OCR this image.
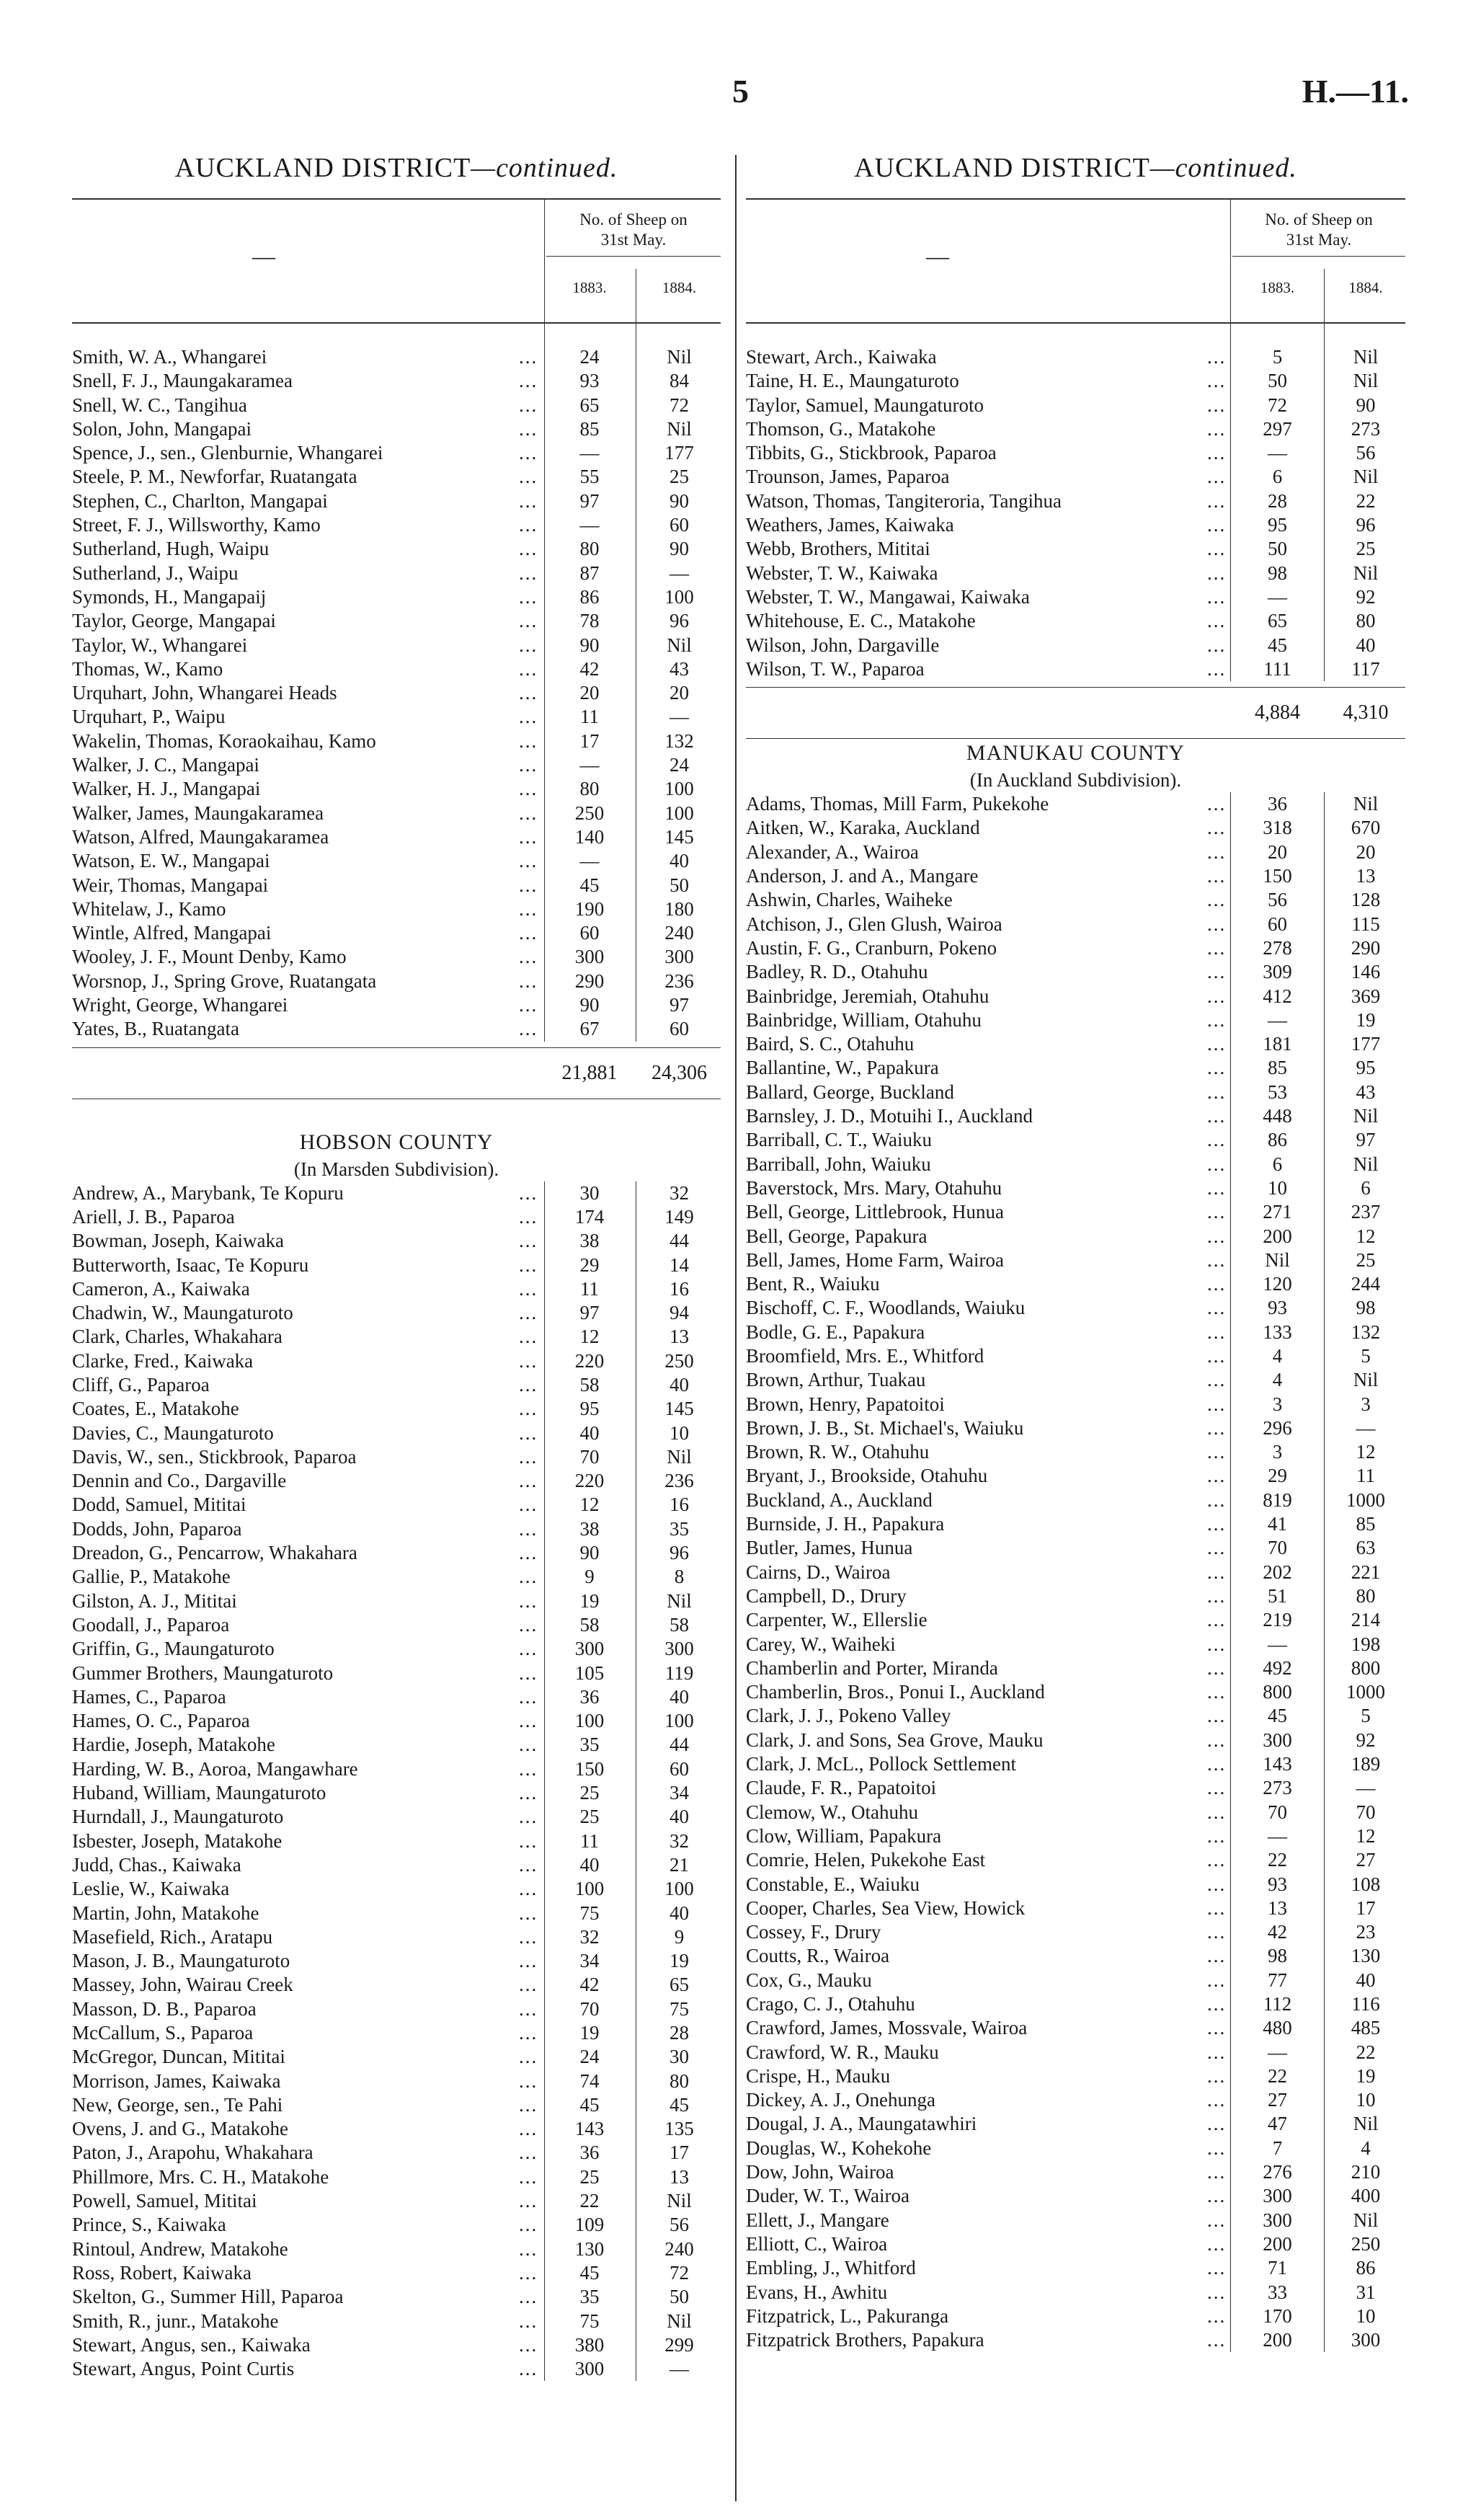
5	H.—11.
AUCKLAND DISTRICT—continued.
—
No. of Sheep on
31st May.
1883.	1884.
Smith, W. A., Whangarei	...	24	Nil
Snell, F. J., Maungakaramea	...	93	84
Snell, W. C., Tangihua	...	65	72
Solon, John, Mangapai	...	85	Nil
Spence, J., sen., Glenburnie, Whangarei	...	—	177
Steele, P. M., Newforfar, Ruatangata	...	55	25
Stephen, C., Charlton, Mangapai	...	97	90
Street, F. J., Willsworthy, Kamo	...	—	60
Sutherland, Hugh, Waipu	...	80	90
Sutherland, J., Waipu	...	87	—
Symonds, H., Mangapaij	...	86	100
Taylor, George, Mangapai	...	78	96
Taylor, W., Whangarei	...	90	Nil
Thomas, W., Kamo	...	42	43
Urquhart, John, Whangarei Heads	...	20	20
Urquhart, P., Waipu	...	11	—
Wakelin, Thomas, Koraokaihau, Kamo	...	17	132
Walker, J. C., Mangapai	...	—	24
Walker, H. J., Mangapai	...	80	100
Walker, James, Maungakaramea	...	250	100
Watson, Alfred, Maungakaramea	...	140	145
Watson, E. W., Mangapai	...	—	40
Weir, Thomas, Mangapai	...	45	50
Whitelaw, J., Kamo	...	190	180
Wintle, Alfred, Mangapai	...	60	240
Wooley, J. F., Mount Denby, Kamo	...	300	300
Worsnop, J., Spring Grove, Ruatangata	...	290	236
Wright, George, Whangarei	...	90	97
Yates, B., Ruatangata	...	67	60
21,881	24,306
HOBSON COUNTY
(In Marsden Subdivision).
Andrew, A., Marybank, Te Kopuru	...	30	32
Ariell, J. B., Paparoa	...	174	149
Bowman, Joseph, Kaiwaka	...	38	44
Butterworth, Isaac, Te Kopuru	...	29	14
Cameron, A., Kaiwaka	...	11	16
Chadwin, W., Maungaturoto	...	97	94
Clark, Charles, Whakahara	...	12	13
Clarke, Fred., Kaiwaka	...	220	250
Cliff, G., Paparoa	...	58	40
Coates, E., Matakohe	...	95	145
Davies, C., Maungaturoto	...	40	10
Davis, W., sen., Stickbrook, Paparoa	...	70	Nil
Dennin and Co., Dargaville	...	220	236
Dodd, Samuel, Mititai	...	12	16
Dodds, John, Paparoa	...	38	35
Dreadon, G., Pencarrow, Whakahara	...	90	96
Gallie, P., Matakohe	...	9	8
Gilston, A. J., Mititai	...	19	Nil
Goodall, J., Paparoa	...	58	58
Griffin, G., Maungaturoto	...	300	300
Gummer Brothers, Maungaturoto	...	105	119
Hames, C., Paparoa	...	36	40
Hames, O. C., Paparoa	...	100	100
Hardie, Joseph, Matakohe	...	35	44
Harding, W. B., Aoroa, Mangawhare	...	150	60
Huband, William, Maungaturoto	...	25	34
Hurndall, J., Maungaturoto	...	25	40
Isbester, Joseph, Matakohe	...	11	32
Judd, Chas., Kaiwaka	...	40	21
Leslie, W., Kaiwaka	...	100	100
Martin, John, Matakohe	...	75	40
Masefield, Rich., Aratapu	...	32	9
Mason, J. B., Maungaturoto	...	34	19
Massey, John, Wairau Creek	...	42	65
Masson, D. B., Paparoa	...	70	75
McCallum, S., Paparoa	...	19	28
McGregor, Duncan, Mititai	...	24	30
Morrison, James, Kaiwaka	...	74	80
New, George, sen., Te Pahi	...	45	45
Ovens, J. and G., Matakohe	...	143	135
Paton, J., Arapohu, Whakahara	...	36	17
Phillmore, Mrs. C. H., Matakohe	...	25	13
Powell, Samuel, Mititai	...	22	Nil
Prince, S., Kaiwaka	...	109	56
Rintoul, Andrew, Matakohe	...	130	240
Ross, Robert, Kaiwaka	...	45	72
Skelton, G., Summer Hill, Paparoa	...	35	50
Smith, R., junr., Matakohe	...	75	Nil
Stewart, Angus, sen., Kaiwaka	...	380	299
Stewart, Angus, Point Curtis	...	300	—
AUCKLAND DISTRICT—continued.
—
No. of Sheep on
31st May.
1883.	1884.
Stewart, Arch., Kaiwaka	...	5	Nil
Taine, H. E., Maungaturoto	...	50	Nil
Taylor, Samuel, Maungaturoto	...	72	90
Thomson, G., Matakohe	...	297	273
Tibbits, G., Stickbrook, Paparoa	...	—	56
Trounson, James, Paparoa	...	6	Nil
Watson, Thomas, Tangiteroria, Tangihua	...	28	22
Weathers, James, Kaiwaka	...	95	96
Webb, Brothers, Mititai	...	50	25
Webster, T. W., Kaiwaka	...	98	Nil
Webster, T. W., Mangawai, Kaiwaka	...	—	92
Whitehouse, E. C., Matakohe	...	65	80
Wilson, John, Dargaville	...	45	40
Wilson, T. W., Paparoa	...	111	117
4,884	4,310
MANUKAU COUNTY
(In Auckland Subdivision).
Adams, Thomas, Mill Farm, Pukekohe	...	36	Nil
Aitken, W., Karaka, Auckland	...	318	670
Alexander, A., Wairoa	...	20	20
Anderson, J. and A., Mangare	...	150	13
Ashwin, Charles, Waiheke	...	56	128
Atchison, J., Glen Glush, Wairoa	...	60	115
Austin, F. G., Cranburn, Pokeno	...	278	290
Badley, R. D., Otahuhu	...	309	146
Bainbridge, Jeremiah, Otahuhu	...	412	369
Bainbridge, William, Otahuhu	...	—	19
Baird, S. C., Otahuhu	...	181	177
Ballantine, W., Papakura	...	85	95
Ballard, George, Buckland	...	53	43
Barnsley, J. D., Motuihi I., Auckland	...	448	Nil
Barriball, C. T., Waiuku	...	86	97
Barriball, John, Waiuku	...	6	Nil
Baverstock, Mrs. Mary, Otahuhu	...	10	6
Bell, George, Littlebrook, Hunua	...	271	237
Bell, George, Papakura	...	200	12
Bell, James, Home Farm, Wairoa	...	Nil	25
Bent, R., Waiuku	...	120	244
Bischoff, C. F., Woodlands, Waiuku	...	93	98
Bodle, G. E., Papakura	...	133	132
Broomfield, Mrs. E., Whitford	...	4	5
Brown, Arthur, Tuakau	...	4	Nil
Brown, Henry, Papatoitoi	...	3	3
Brown, J. B., St. Michael's, Waiuku	...	296	—
Brown, R. W., Otahuhu	...	3	12
Bryant, J., Brookside, Otahuhu	...	29	11
Buckland, A., Auckland	...	819	1000
Burnside, J. H., Papakura	...	41	85
Butler, James, Hunua	...	70	63
Cairns, D., Wairoa	...	202	221
Campbell, D., Drury	...	51	80
Carpenter, W., Ellerslie	...	219	214
Carey, W., Waiheki	...	—	198
Chamberlin and Porter, Miranda	...	492	800
Chamberlin, Bros., Ponui I., Auckland	...	800	1000
Clark, J. J., Pokeno Valley	...	45	5
Clark, J. and Sons, Sea Grove, Mauku	...	300	92
Clark, J. McL., Pollock Settlement	...	143	189
Claude, F. R., Papatoitoi	...	273	—
Clemow, W., Otahuhu	...	70	70
Clow, William, Papakura	...	—	12
Comrie, Helen, Pukekohe East	...	22	27
Constable, E., Waiuku	...	93	108
Cooper, Charles, Sea View, Howick	...	13	17
Cossey, F., Drury	...	42	23
Coutts, R., Wairoa	...	98	130
Cox, G., Mauku	...	77	40
Crago, C. J., Otahuhu	...	112	116
Crawford, James, Mossvale, Wairoa	...	480	485
Crawford, W. R., Mauku	...	—	22
Crispe, H., Mauku	...	22	19
Dickey, A. J., Onehunga	...	27	10
Dougal, J. A., Maungatawhiri	...	47	Nil
Douglas, W., Kohekohe	...	7	4
Dow, John, Wairoa	...	276	210
Duder, W. T., Wairoa	...	300	400
Ellett, J., Mangare	...	300	Nil
Elliott, C., Wairoa	...	200	250
Embling, J., Whitford	...	71	86
Evans, H., Awhitu	...	33	31
Fitzpatrick, L., Pakuranga	...	170	10
Fitzpatrick Brothers, Papakura	...	200	300
